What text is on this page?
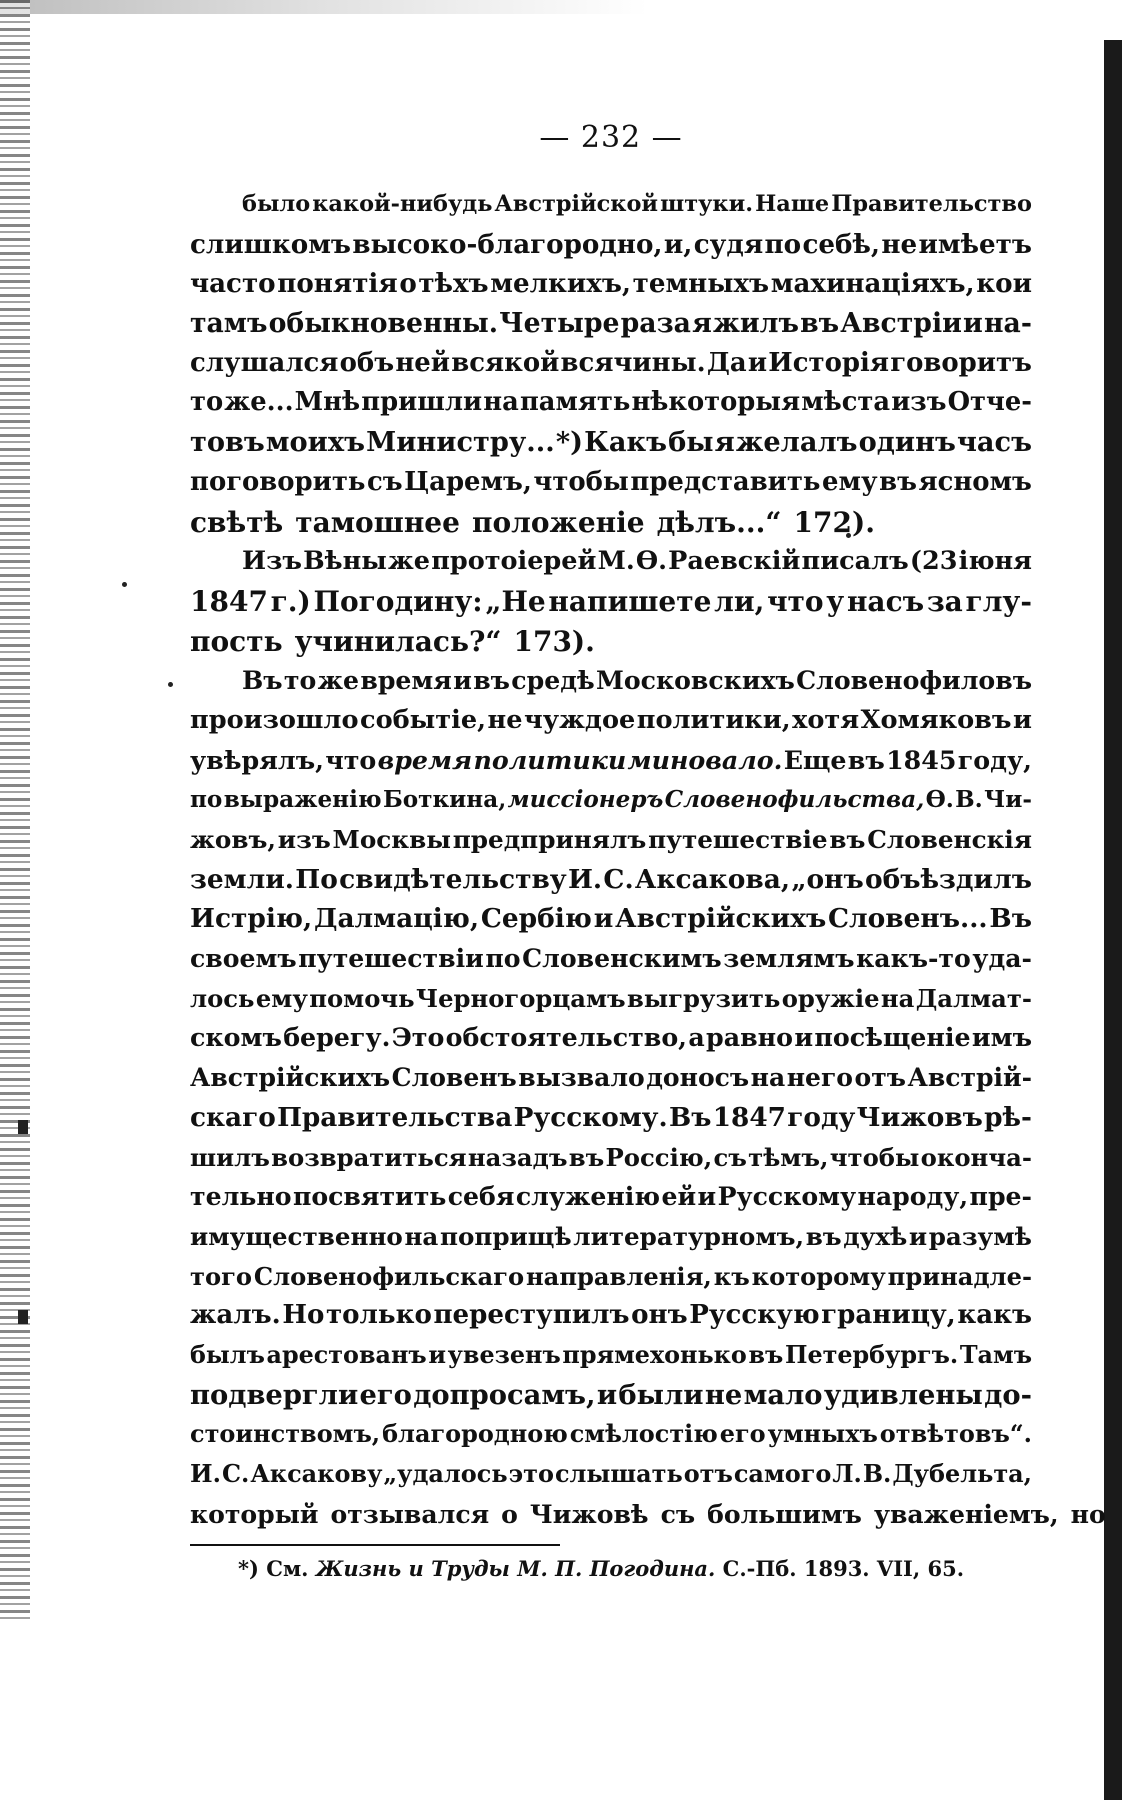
— 232 —
было какой-нибудь Австрійской штуки. Наше Правительство
слишкомъ высоко-благородно, и, судя по себѣ, не имѣетъ
часто понятія о тѣхъ мелкихъ, темныхъ махинаціяхъ, кои
тамъ обыкновенны. Четыре раза я жилъ въ Австріи и на-
слушался объ ней всякой всячины. Да и Исторія говоритъ
то же... Мнѣ пришли на память нѣкоторыя мѣста изъ Отче-
товъ моихъ Министру... *) Какъ бы я желалъ одинъ часъ
поговорить съ Царемъ, чтобы представить ему въ ясномъ
свѣтѣ тамошнее положеніе дѣлъ...“ 172).
Изъ Вѣны же протоіерей М. Ѳ. Раевскій писалъ (23 іюня
1847 г.) Погодину: „Не напишете ли, что у насъ за глу-
пость учинилась?“ 173).
Въ то же время и въ средѣ Московскихъ Словенофиловъ
произошло событіе, не чуждое политики, хотя Хомяковъ и
увѣрялъ, что время политики миновало. Еще въ 1845 году,
по выраженію Боткина, миссіонеръ Словенофильства, Ѳ. В. Чи-
жовъ, изъ Москвы предпринялъ путешествіе въ Словенскія
земли. По свидѣтельству И. С. Аксакова, „онъ объѣздилъ
Истрію, Далмацію, Сербію и Австрійскихъ Словенъ... Въ
своемъ путешествіи по Словенскимъ землямъ какъ-то уда-
лось ему помочь Черногорцамъ выгрузить оружіе на Далмат-
скомъ берегу. Это обстоятельство, а равно и посѣщеніе имъ
Австрійскихъ Словенъ вызвало доносъ на него отъ Австрій-
скаго Правительства Русскому. Въ 1847 году Чижовъ рѣ-
шилъ возвратиться назадъ въ Россію, съ тѣмъ, чтобы оконча-
тельно посвятить себя служенію ей и Русскому народу, пре-
имущественно на поприщѣ литературномъ, въ духѣ и разумѣ
того Словенофильскаго направленія, къ которому принадле-
жалъ. Но только переступилъ онъ Русскую границу, какъ
былъ арестованъ и увезенъ прямехонько въ Петербургъ. Тамъ
подвергли его допросамъ, и были не мало удивлены до-
стоинствомъ, благородною смѣлостію его умныхъ отвѣтовъ“.
И. С. Аксакову „удалось это слышать отъ самого Л. В. Дубельта,
который отзывался о Чижовѣ съ большимъ уваженіемъ, но
*) См. Жизнь и Труды М. П. Погодина. С.-Пб. 1893. VII, 65.
